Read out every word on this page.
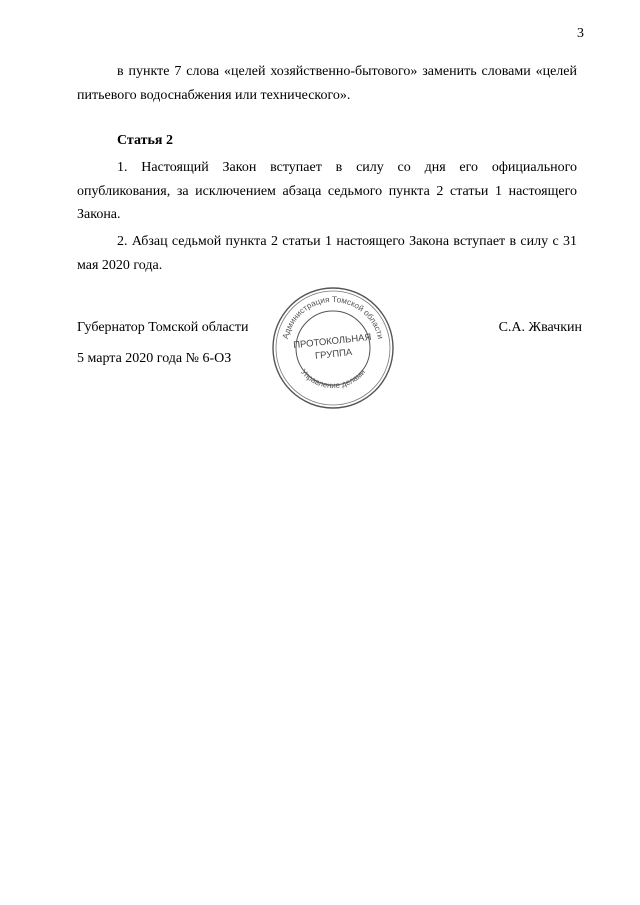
3

в пункте 7 слова «целей хозяйственно-бытового» заменить словами «целей питьевого водоснабжения или технического».

Статья 2

1. Настоящий Закон вступает в силу со дня его официального опубликования, за исключением абзаца седьмого пункта 2 статьи 1 настоящего Закона.

2. Абзац седьмой пункта 2 статьи 1 настоящего Закона вступает в силу с 31 мая 2020 года.

Губернатор Томской области
5 марта 2020 года № 6-ОЗ
С.А. Жвачкин
Администрация Томской области
Управление делами
ПРОТОКОЛЬНАЯ
ГРУППА
